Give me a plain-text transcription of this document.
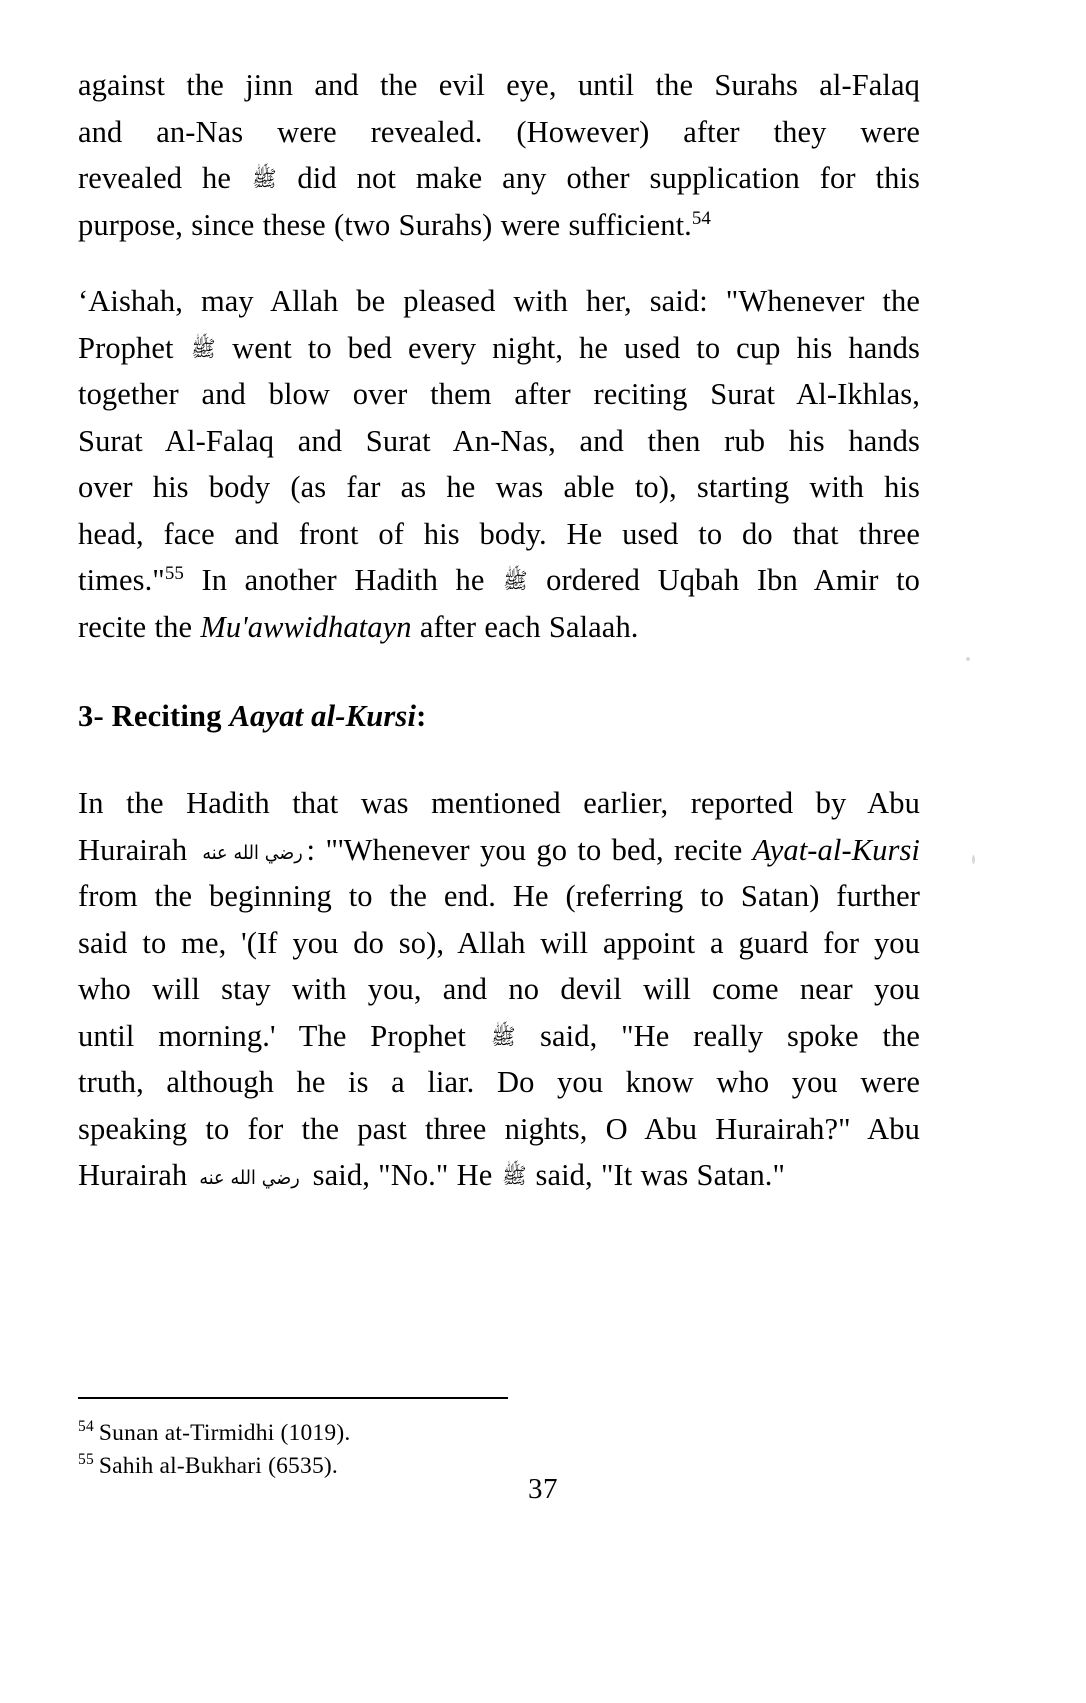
against the jinn and the evil eye, until the Surahs al-Falaq
and an-Nas were revealed. (However) after they were
revealed he ﷺ did not make any other supplication for this
purpose, since these (two Surahs) were sufficient.$^{54}$

‘Aishah, may Allah be pleased with her, said: "Whenever the
Prophet ﷺ went to bed every night, he used to cup his hands
together and blow over them after reciting Surat Al-Ikhlas,
Surat Al-Falaq and Surat An-Nas, and then rub his hands
over his body (as far as he was able to), starting with his
head, face and front of his body. He used to do that three
times."$^{55}$ In another Hadith he ﷺ ordered Uqbah Ibn Amir to
recite the Mu'awwidhatayn after each Salaah.

3- Reciting Aayat al-Kursi:

In the Hadith that was mentioned earlier, reported by Abu
Hurairah رضي الله عنه : "'Whenever you go to bed, recite Ayat-al-Kursi
from the beginning to the end. He (referring to Satan) further
said to me, '(If you do so), Allah will appoint a guard for you
who will stay with you, and no devil will come near you
until morning.' The Prophet ﷺ said, "He really spoke the
truth, although he is a liar. Do you know who you were
speaking to for the past three nights, O Abu Hurairah?" Abu
Hurairah رضي الله عنه said, "No." He ﷺ said, "It was Satan."

$^{54}$ Sunan at-Tirmidhi (1019).

$^{55}$ Sahih al-Bukhari (6535).

37
